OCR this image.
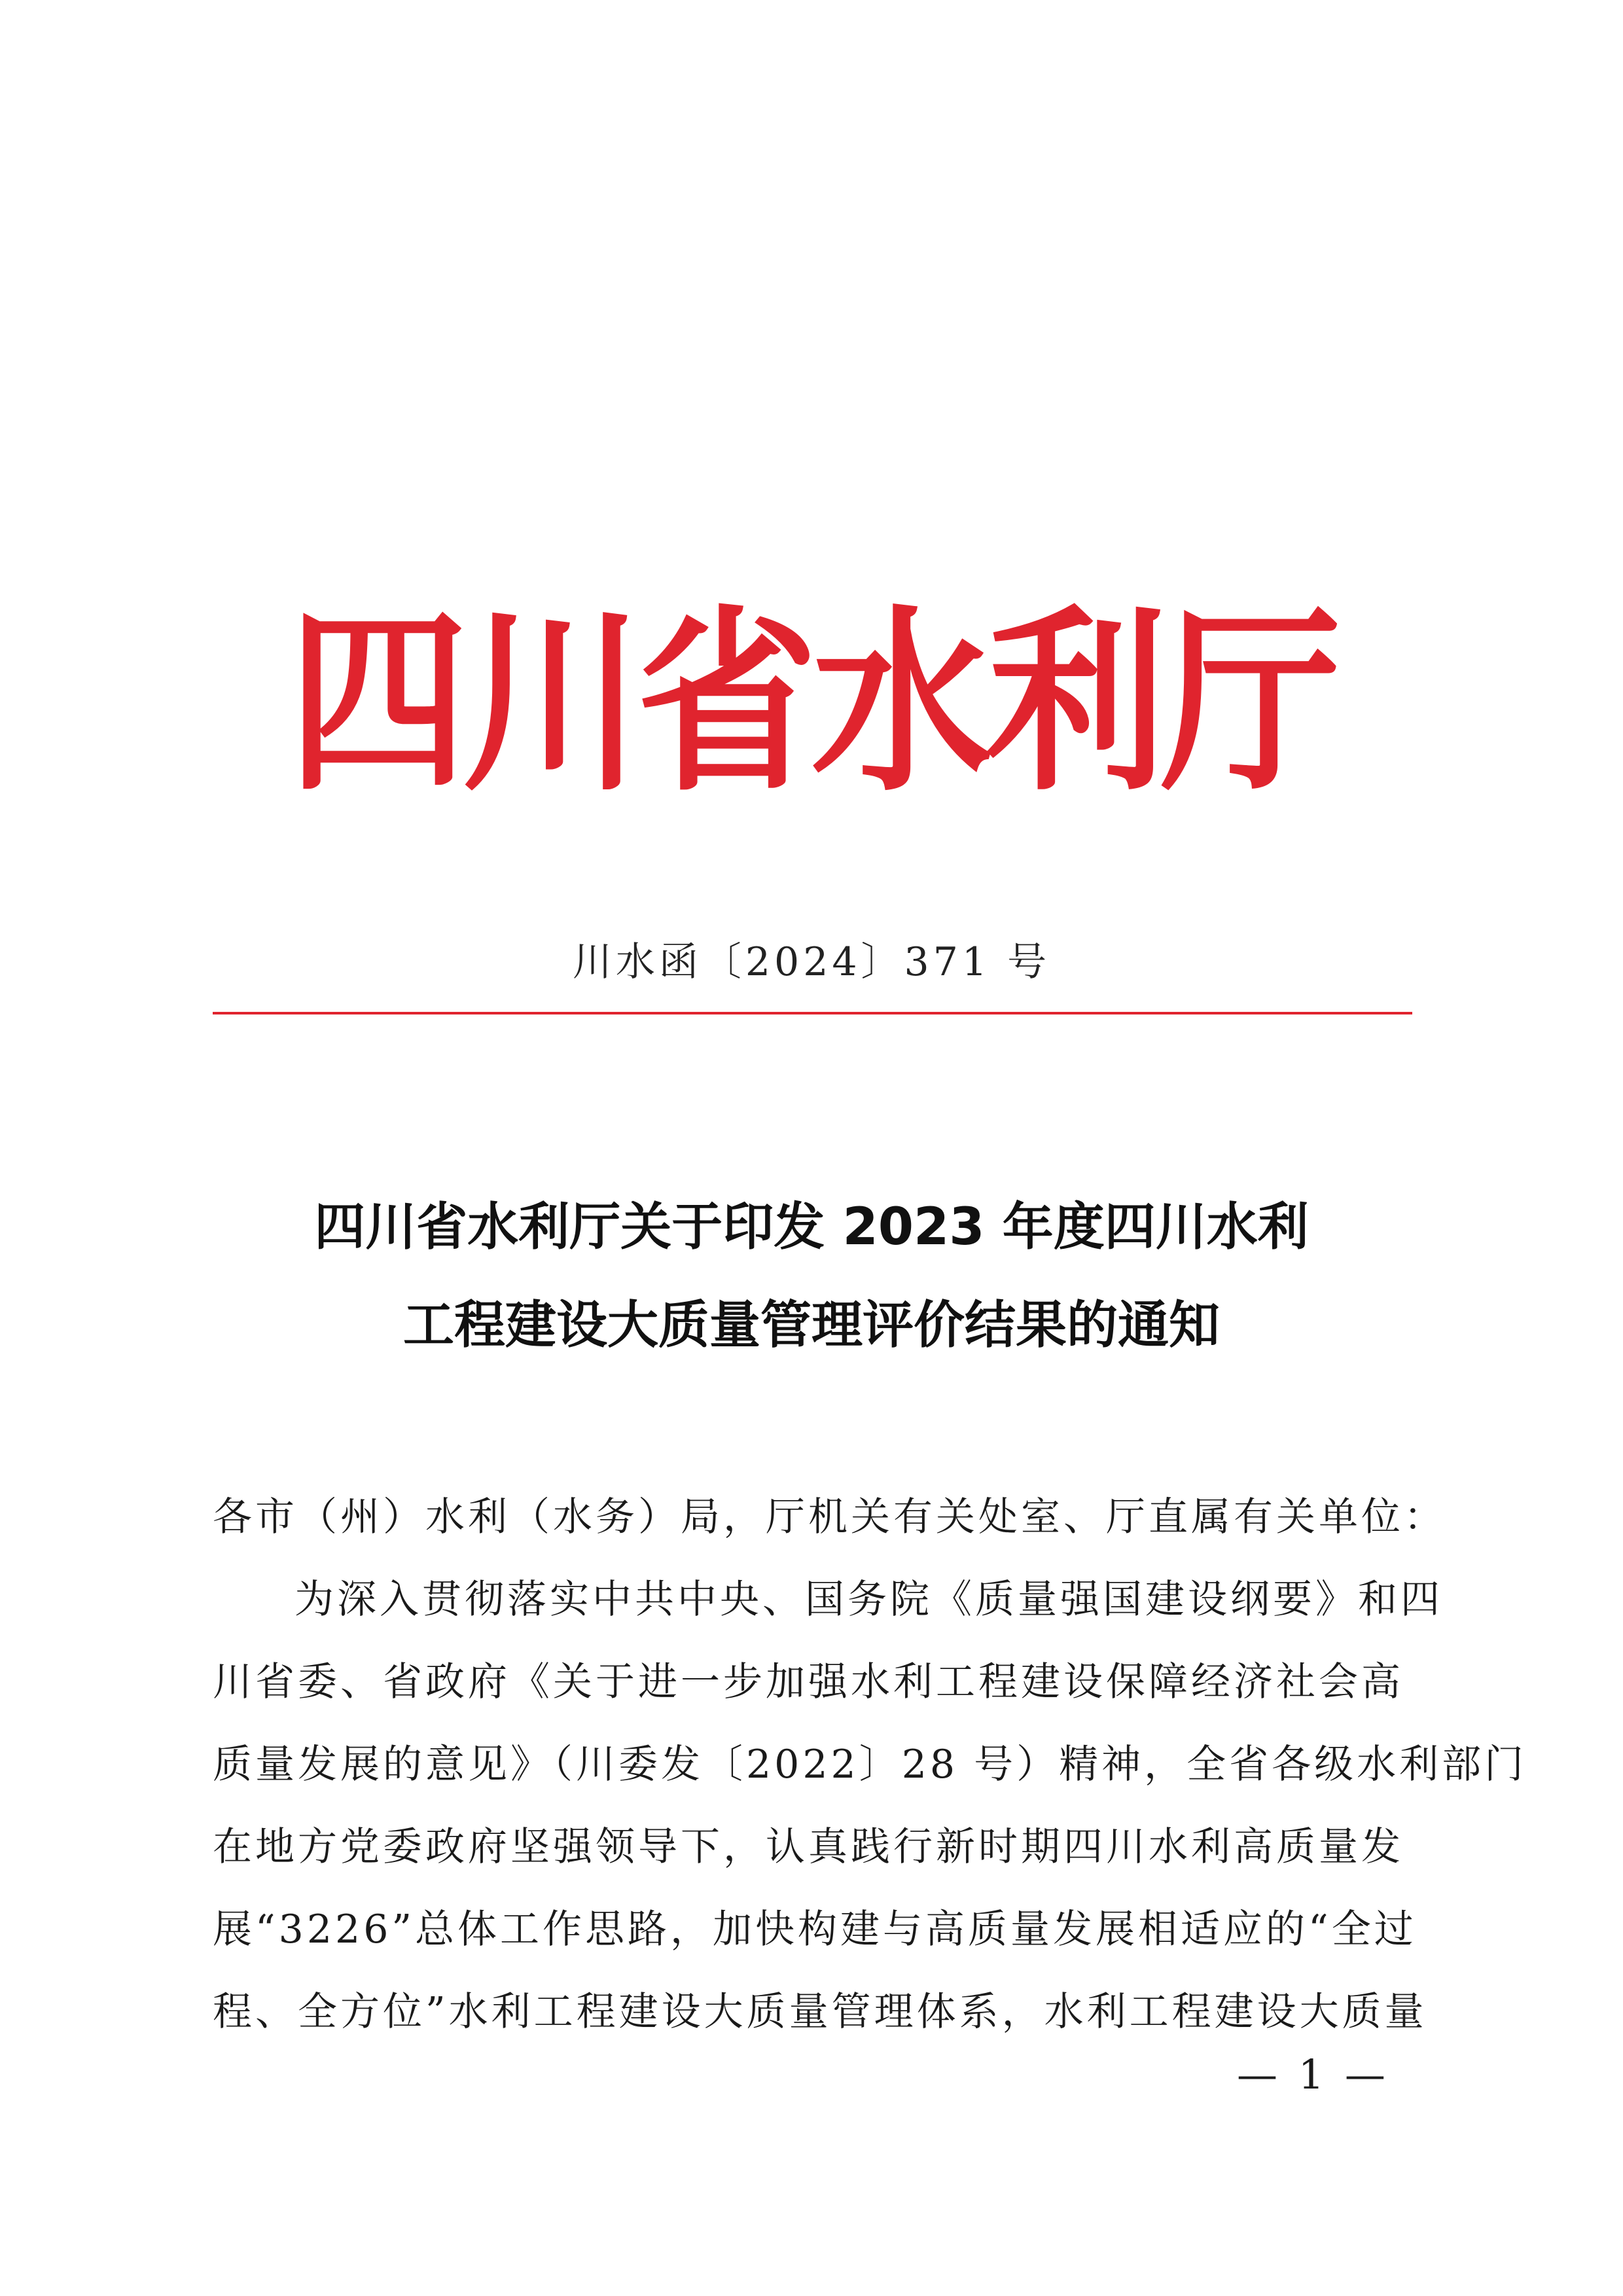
四川省水利厅
川水函〔2024〕371 号
四川省水利厅关于印发 2023 年度四川水利
工程建设大质量管理评价结果的通知
各市（州）水利（水务）局，厅机关有关处室、厅直属有关单位：
为深入贯彻落实中共中央、国务院《质量强国建设纲要》和四
川省委、省政府《关于进一步加强水利工程建设保障经济社会高
质量发展的意见》（川委发〔2022〕28 号）精神，全省各级水利部门
在地方党委政府坚强领导下，认真践行新时期四川水利高质量发
展“3226”总体工作思路，加快构建与高质量发展相适应的“全过
程、全方位”水利工程建设大质量管理体系，水利工程建设大质量
— 1 —
